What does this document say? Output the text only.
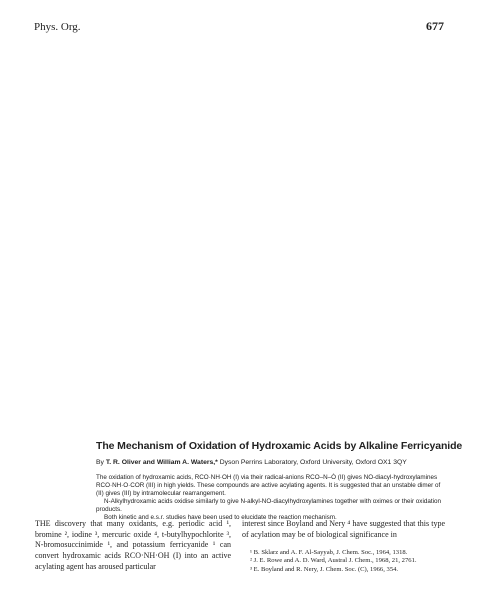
Phys. Org.	677
The Mechanism of Oxidation of Hydroxamic Acids by Alkaline Ferricyanide
By T. R. Oliver and William A. Waters,* Dyson Perrins Laboratory, Oxford University, Oxford OX1 3QY

The oxidation of hydroxamic acids, RCO·NH·OH (I) via their radical-anions RCO–N–Ȯ (II) gives NO-diacyl-hydroxylamines RCO·NH·O·COR (III) in high yields. These compounds are active acylating agents. It is suggested that an unstable dimer of (II) gives (III) by intramolecular rearrangement.

N-Alkylhydroxamic acids oxidise similarly to give N-alkyl-NO-diacylhydroxylamines together with oximes or their oxidation products.

Both kinetic and e.s.r. studies have been used to elucidate the reaction mechanism.

THE discovery that many oxidants, e.g. periodic acid ¹, bromine ², iodine ³, mercuric oxide ⁴, t-butylhypochlorite ³, N-bromosuccinimide ¹, and potassium ferricyanide ¹ can convert hydroxamic acids RCO·NH·OH (I) into an active acylating agent has aroused particular

interest since Boyland and Nery ⁴ have suggested that this type of acylation may be of biological significance in
¹ B. Sklarz and A. F. Al-Sayyab, J. Chem. Soc., 1964, 1318.
² J. E. Rowe and A. D. Ward, Austral J. Chem., 1968, 21, 2761.
³ E. Boyland and R. Nery, J. Chem. Soc. (C), 1966, 354.
